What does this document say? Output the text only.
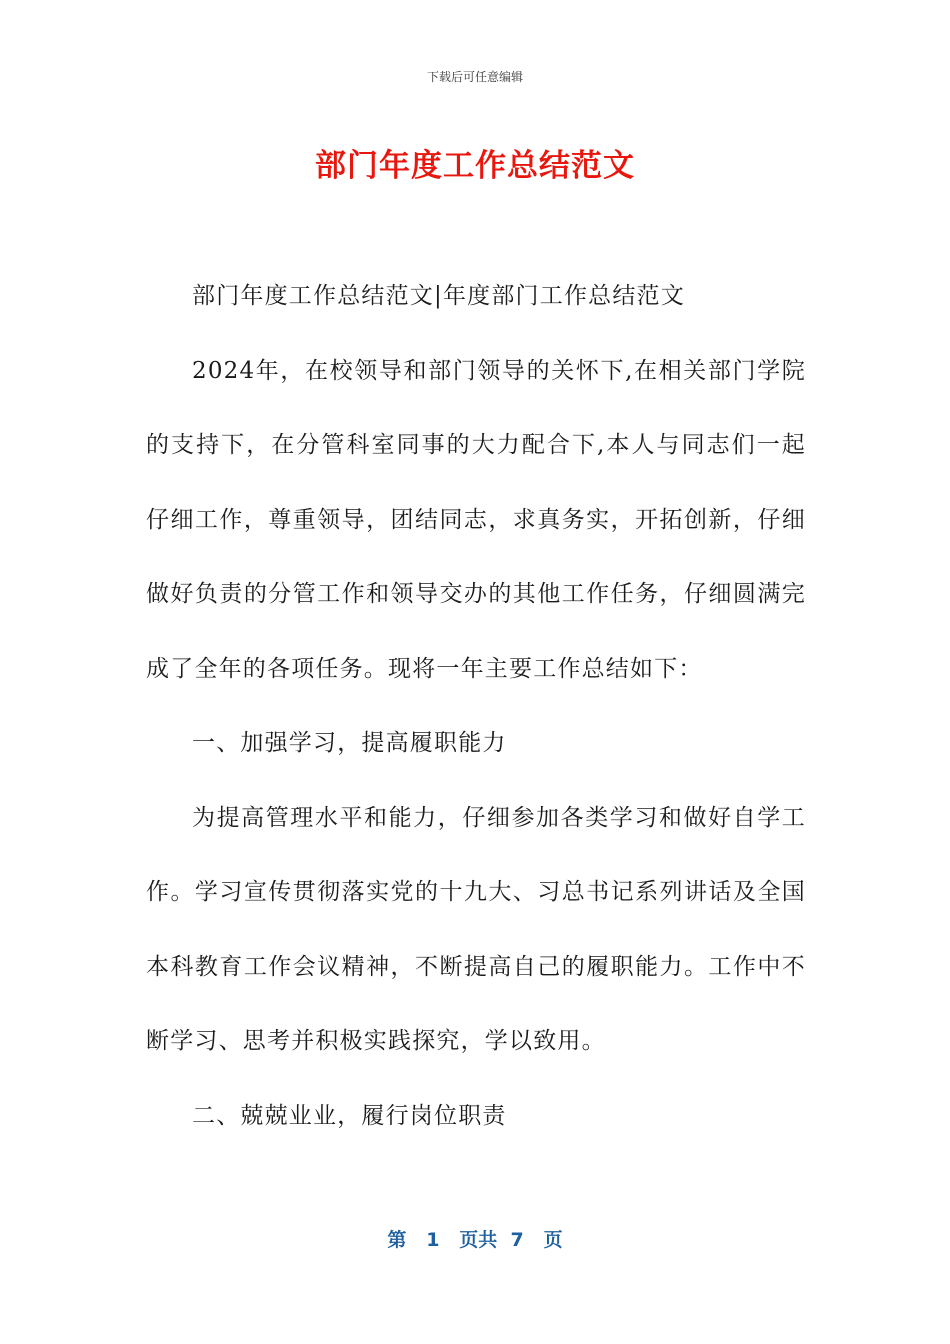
下载后可任意编辑
部门年度工作总结范文

部门年度工作总结范文|年度部门工作总结范文

2024年，在校领导和部门领导的关怀下,在相关部门学院的支持下，在分管科室同事的大力配合下,本人与同志们一起仔细工作，尊重领导，团结同志，求真务实，开拓创新，仔细做好负责的分管工作和领导交办的其他工作任务，仔细圆满完成了全年的各项任务。现将一年主要工作总结如下：

一、加强学习，提高履职能力

为提高管理水平和能力，仔细参加各类学习和做好自学工作。学习宣传贯彻落实党的十九大、习总书记系列讲话及全国本科教育工作会议精神，不断提高自己的履职能力。工作中不断学习、思考并积极实践探究，学以致用。

二、兢兢业业，履行岗位职责

第 1 页共 7 页
